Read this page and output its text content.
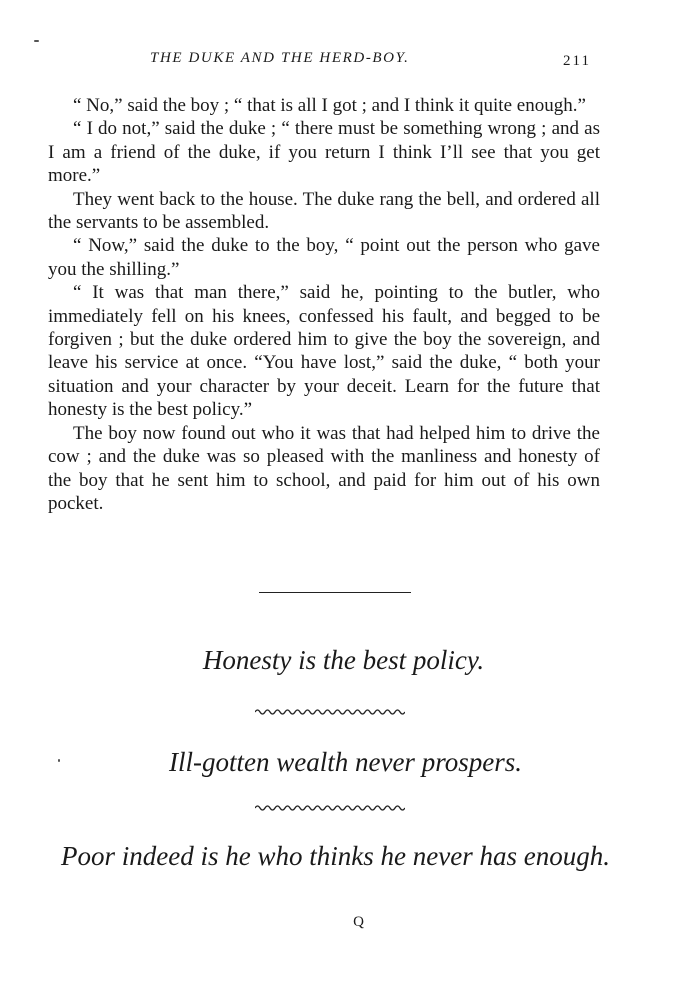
THE DUKE AND THE HERD-BOY.	211

“ No,” said the boy ; “ that is all I got ; and I think it quite enough.”

“ I do not,” said the duke ; “ there must be something wrong ; and as I am a friend of the duke, if you return I think I’ll see that you get more.”

They went back to the house. The duke rang the bell, and ordered all the servants to be assembled.

“ Now,” said the duke to the boy, “ point out the person who gave you the shilling.”

“ It was that man there,” said he, pointing to the butler, who immediately fell on his knees, confessed his fault, and begged to be forgiven ; but the duke ordered him to give the boy the sovereign, and leave his service at once. “You have lost,” said the duke, “ both your situation and your character by your deceit. Learn for the future that honesty is the best policy.”

The boy now found out who it was that had helped him to drive the cow ; and the duke was so pleased with the manliness and honesty of the boy that he sent him to school, and paid for him out of his own pocket.

Honesty is the best policy.
Ill-gotten wealth never prospers.
Poor indeed is he who thinks he never has enough.
Q
